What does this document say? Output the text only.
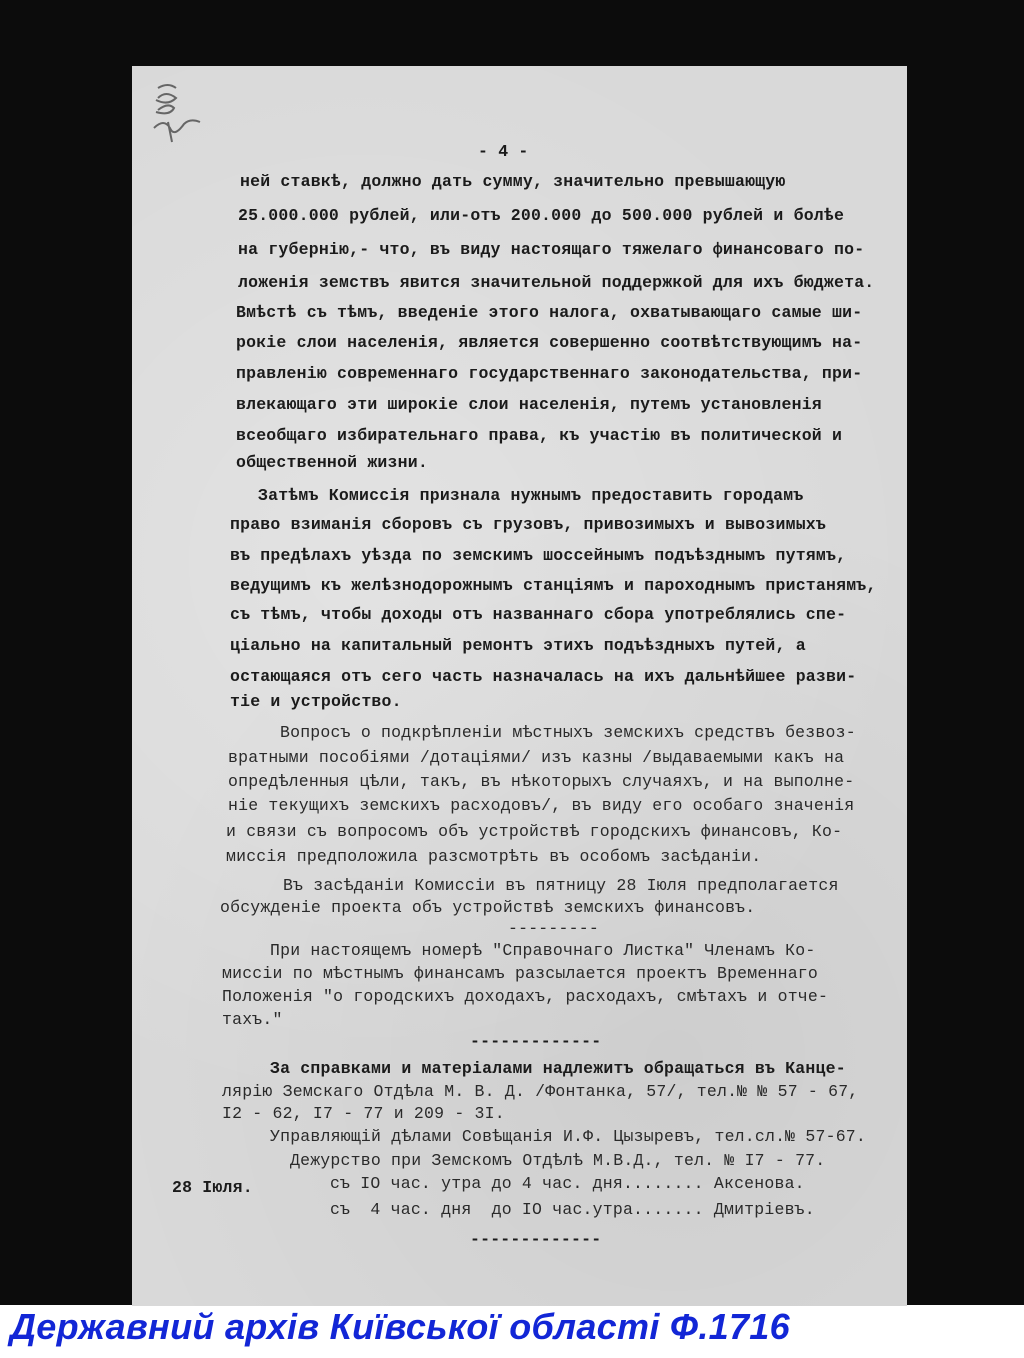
- 4 -
ней ставкѣ, должно дать сумму, значительно превышающую
25.000.000 рублей, или-отъ 200.000 до 500.000 рублей и болѣе
на губернiю,- что, въ виду настоящаго тяжелаго финансоваго по-
ложенiя земствъ явится значительной поддержкой для ихъ бюджета.
Вмѣстѣ съ тѣмъ, введенiе этого налога, охватывающаго самые ши-
рокiе слои населенiя, является совершенно соотвѣтствующимъ на-
правленiю современнаго государственнаго законодательства, при-
влекающаго эти широкiе слои населенiя, путемъ установленiя
всеобщаго избирательнаго права, къ участiю въ политической и
общественной жизни.
Затѣмъ Комиссiя признала нужнымъ предоставить городамъ
право взиманiя сборовъ съ грузовъ, привозимыхъ и вывозимыхъ
въ предѣлахъ уѣзда по земскимъ шоссейнымъ подъѣзднымъ путямъ,
ведущимъ къ желѣзнодорожнымъ станцiямъ и пароходнымъ пристанямъ,
съ тѣмъ, чтобы доходы отъ названнаго сбора употреблялись спе-
цiально на капитальный ремонтъ этихъ подъѣздныхъ путей, а
остающаяся отъ сего часть назначалась на ихъ дальнѣйшее разви-
тiе и устройство.
Вопросъ о подкрѣпленiи мѣстныхъ земскихъ средствъ безвоз-
вратными пособiями /дотацiями/ изъ казны /выдаваемыми какъ на
опредѣленныя цѣли, такъ, въ нѣкоторыхъ случаяхъ, и на выполне-
нiе текущихъ земскихъ расходовъ/, въ виду его особаго значенiя
и связи съ вопросомъ объ устройствѣ городскихъ финансовъ, Ко-
миссiя предположила разсмотрѣть въ особомъ засѣданiи.
Въ засѣданiи Комиссiи въ пятницу 28 Iюля предполагается
обсужденiе проекта объ устройствѣ земскихъ финансовъ.
---------
При настоящемъ номерѣ "Справочнаго Листка" Членамъ Ко-
миссiи по мѣстнымъ финансамъ разсылается проектъ Временнаго
Положенiя "о городскихъ доходахъ, расходахъ, смѣтахъ и отче-
тахъ."
-------------
За справками и матерiалами надлежитъ обращаться въ Канце-
лярiю Земскаго Отдѣла М. В. Д. /Фонтанка, 57/, тел.№ № 57 - 67,
I2 - 62, I7 - 77 и 209 - 3I.
Управляющiй дѣлами Совѣщанiя И.Ф. Цызыревъ, тел.сл.№ 57-67.
Дежурство при Земскомъ Отдѣлѣ М.В.Д., тел. № I7 - 77.
28 Iюля.	съ IO час. утра до 4 час. дня........ Аксенова.
съ  4 час. дня  до IO час.утра....... Дмитрiевъ.
-------------
Державний архів Київської області Ф.1716
